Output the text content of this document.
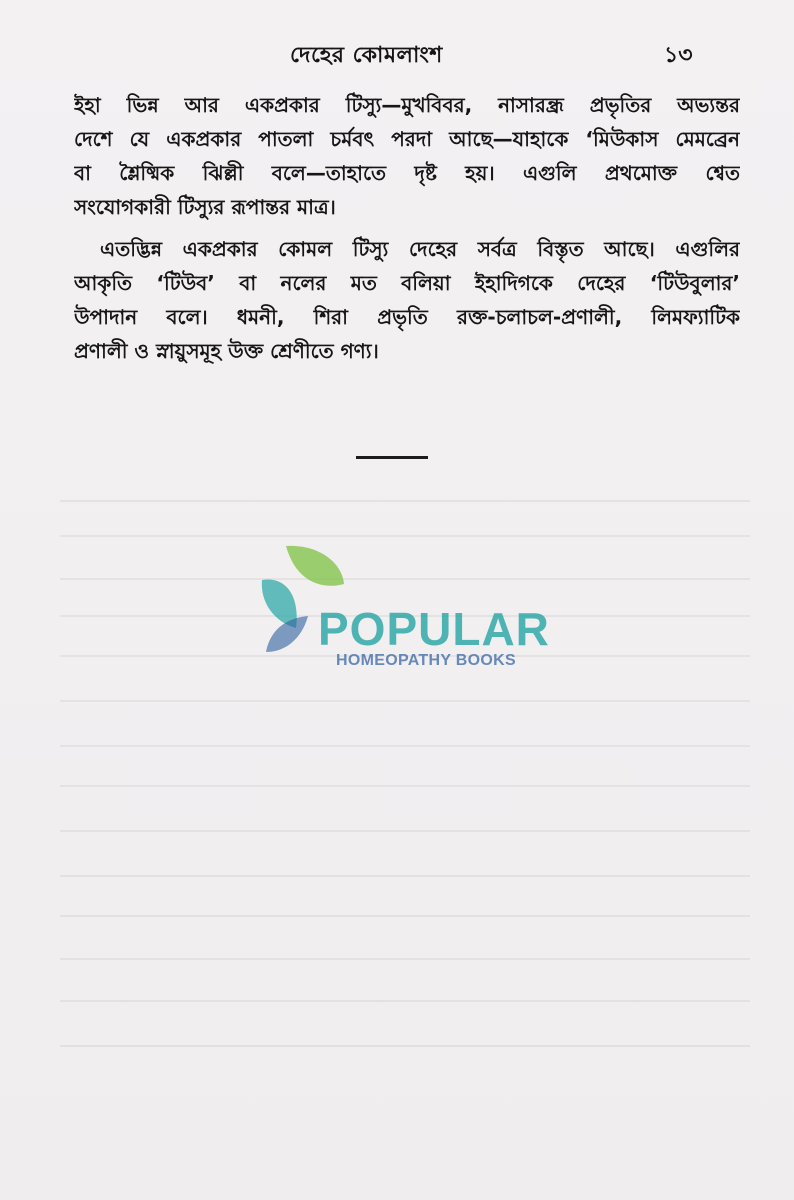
দেহের কোমলাংশ	১৩
ইহা ভিন্ন আর একপ্রকার টিস্যু—মুখবিবর, নাসারন্ধ্র প্রভৃতির অভ্যন্তর
দেশে যে একপ্রকার পাতলা চর্মবৎ পরদা আছে—যাহাকে ‘মিউকাস মেমব্রেন
বা শ্লৈষ্মিক ঝিল্লী বলে—তাহাতে দৃষ্ট হয়। এগুলি প্রথমোক্ত শ্বেত
সংযোগকারী টিস্যুর রূপান্তর মাত্র।
এতদ্ভিন্ন একপ্রকার কোমল টিস্যু দেহের সর্বত্র বিস্তৃত আছে। এগুলির
আকৃতি ‘টিউব’ বা নলের মত বলিয়া ইহাদিগকে দেহের ‘টিউবুলার’
উপাদান বলে। ধমনী, শিরা প্রভৃতি রক্ত-চলাচল-প্রণালী, লিমফ্যাটিক
প্রণালী ও স্নায়ুসমূহ উক্ত শ্রেণীতে গণ্য।
POPULAR
HOMEOPATHY BOOKS
